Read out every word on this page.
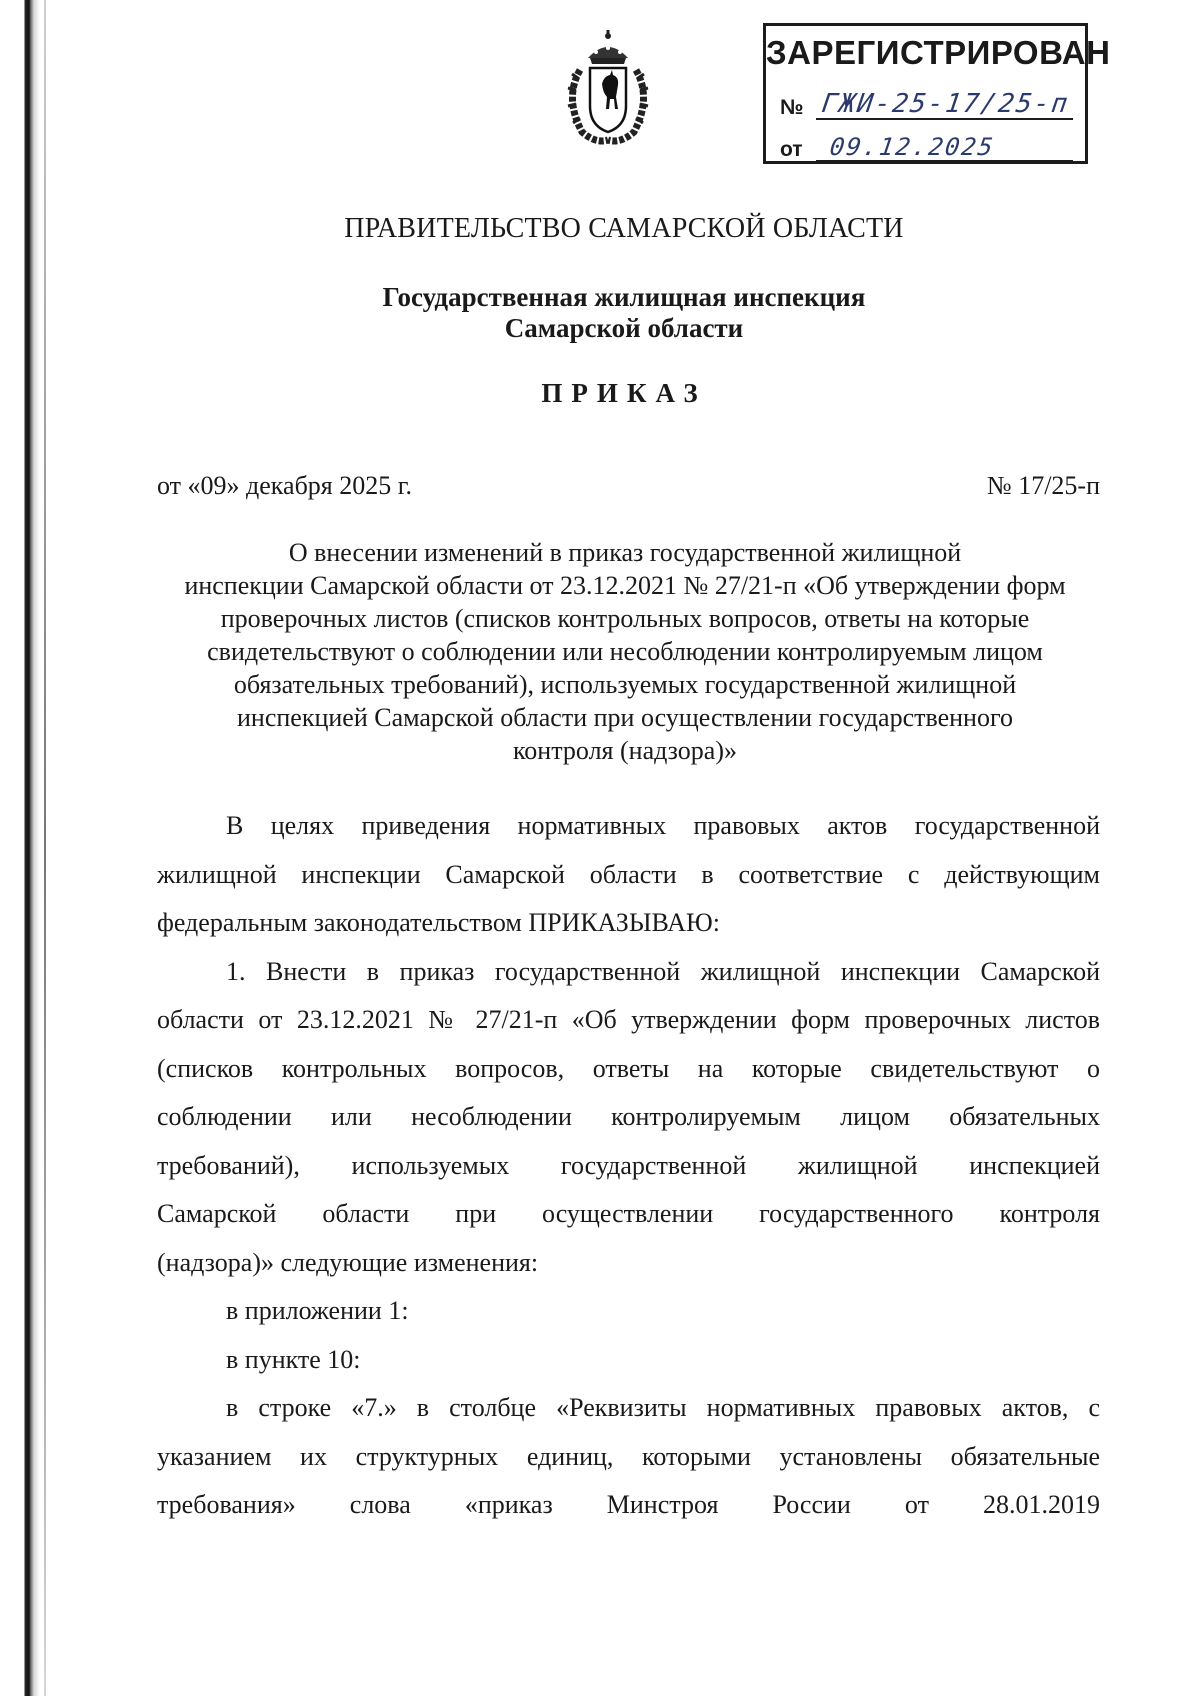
ЗАРЕГИСТРИРОВАН
№ ГЖИ-25-17/25-п
от 09.12.2025
ПРАВИТЕЛЬСТВО САМАРСКОЙ ОБЛАСТИ
Государственная жилищная инспекция
Самарской области
ПРИКАЗ
от «09» декабря 2025 г.	№ 17/25-п
О внесении изменений в приказ государственной жилищной
инспекции Самарской области от 23.12.2021 № 27/21-п «Об утверждении форм
проверочных листов (списков контрольных вопросов, ответы на которые
свидетельствуют о соблюдении или несоблюдении контролируемым лицом
обязательных требований), используемых государственной жилищной
инспекцией Самарской области при осуществлении государственного
контроля (надзора)»
В целях приведения нормативных правовых актов государственной
жилищной инспекции Самарской области в соответствие с действующим
федеральным законодательством ПРИКАЗЫВАЮ:
1. Внести в приказ государственной жилищной инспекции Самарской
области от 23.12.2021 № 27/21-п «Об утверждении форм проверочных листов
(списков контрольных вопросов, ответы на которые свидетельствуют о
соблюдении или несоблюдении контролируемым лицом обязательных
требований), используемых государственной жилищной инспекцией
Самарской области при осуществлении государственного контроля
(надзора)» следующие изменения:
в приложении 1:
в пункте 10:
в строке «7.» в столбце «Реквизиты нормативных правовых актов, с
указанием их структурных единиц, которыми установлены обязательные
требования» слова «приказ Минстроя России от 28.01.2019
